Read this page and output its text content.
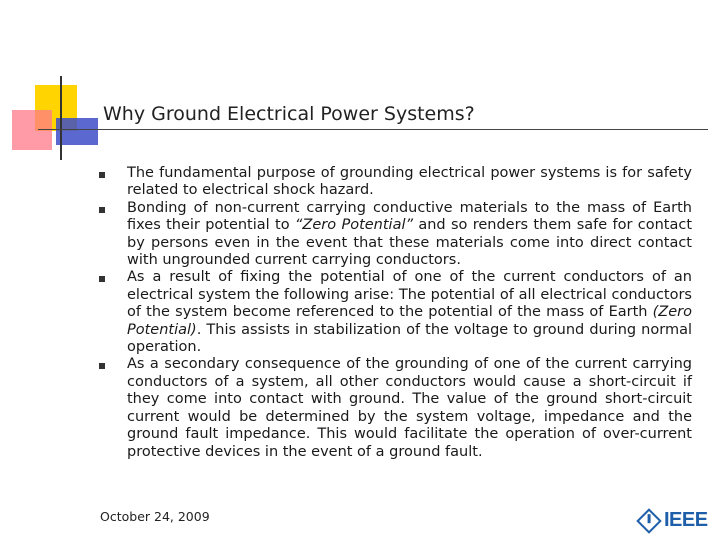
Why Ground Electrical Power Systems?
The fundamental purpose of grounding electrical power systems is for safety related to electrical shock hazard.
Bonding of non-current carrying conductive materials to the mass of Earth fixes their potential to “Zero Potential” and so renders them safe for contact by persons even in the event that these materials come into direct contact with ungrounded current carrying conductors.
As a result of fixing the potential of one of the current conductors of an electrical system the following arise: The potential of all electrical conductors of the system become referenced to the potential of the mass of Earth (Zero Potential). This assists in stabilization of the voltage to ground during normal operation.
As a secondary consequence of the grounding of one of the current carrying conductors of a system, all other conductors would cause a short-circuit if they come into contact with ground. The value of the ground short-circuit current would be determined by the system voltage, impedance and the ground fault impedance. This would facilitate the operation of over-current protective devices in the event of a ground fault.
October 24, 2009	IEEE
